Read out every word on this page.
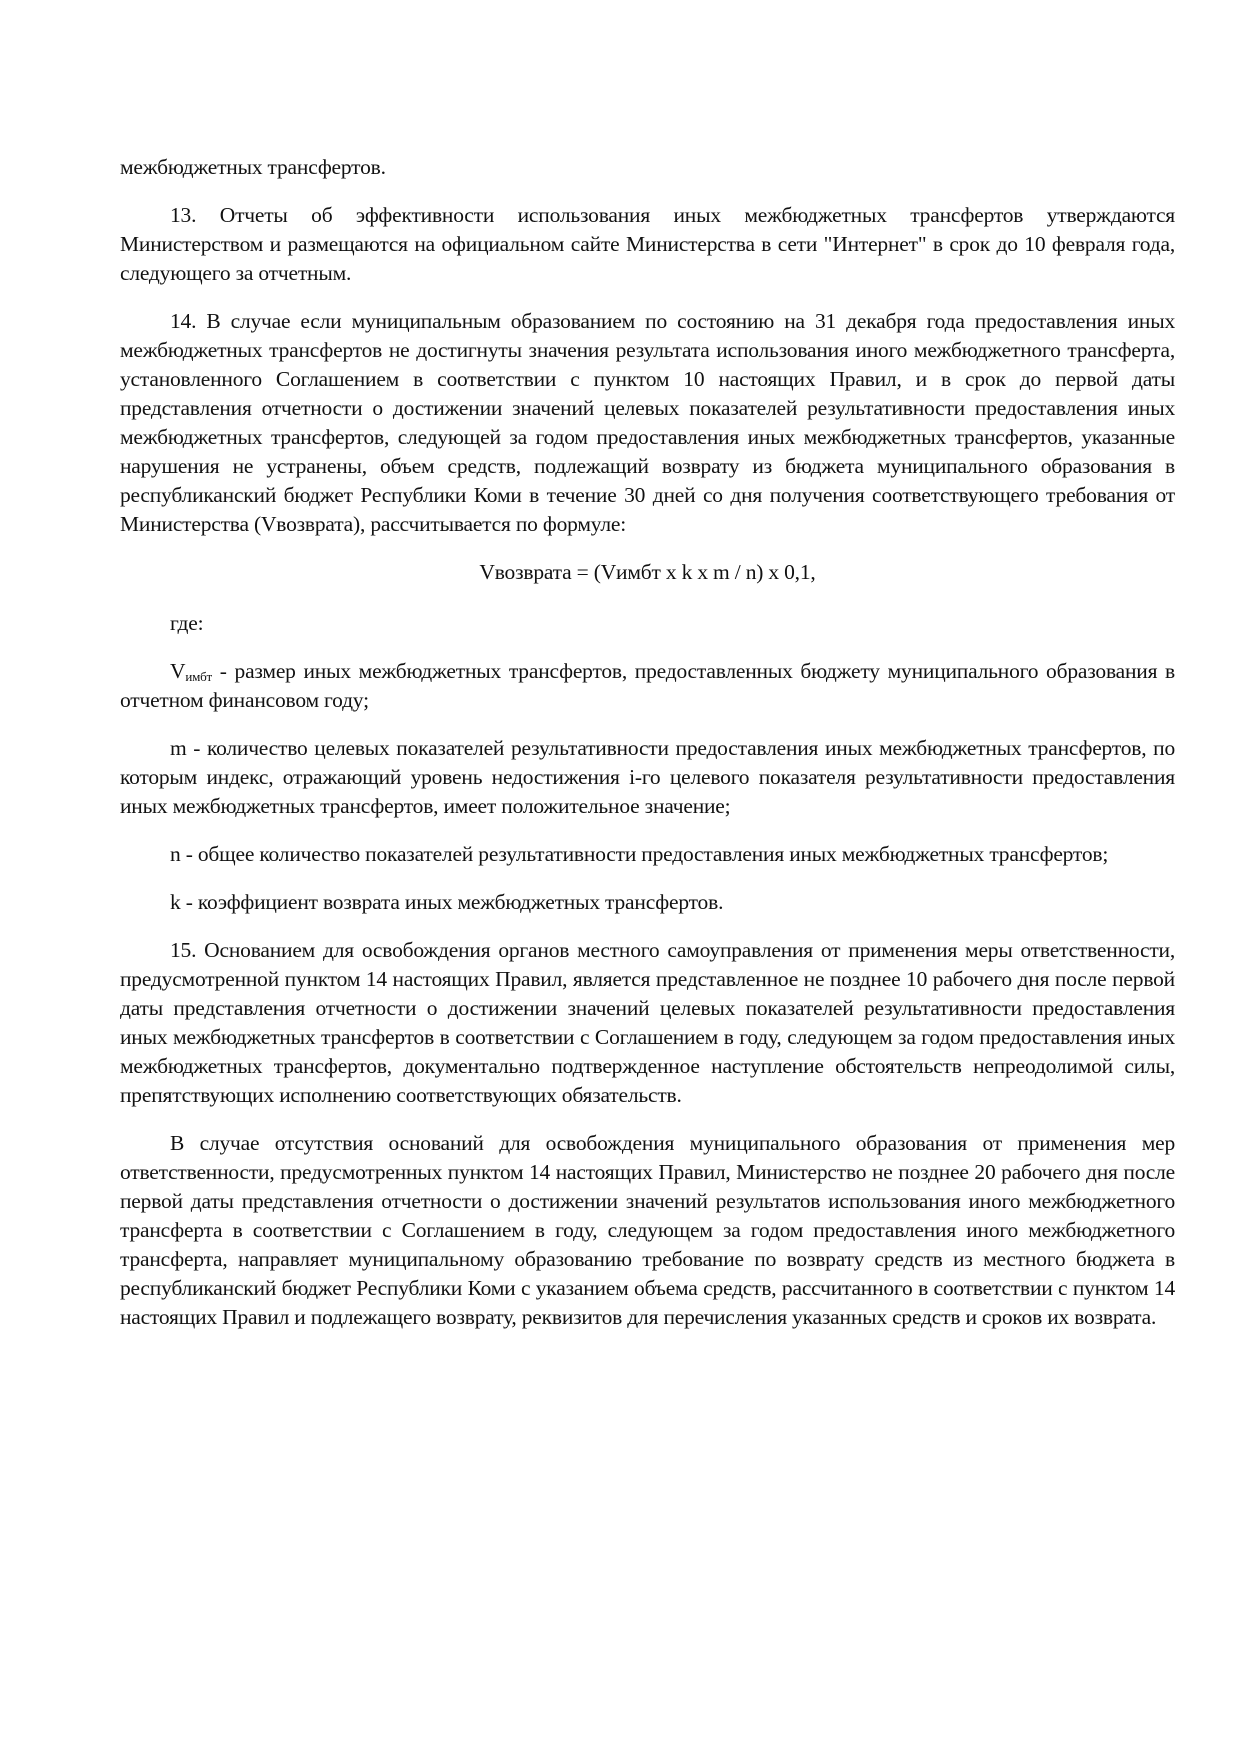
межбюджетных трансфертов.

13. Отчеты об эффективности использования иных межбюджетных трансфертов утверждаются Министерством и размещаются на официальном сайте Министерства в сети "Интернет" в срок до 10 февраля года, следующего за отчетным.

14. В случае если муниципальным образованием по состоянию на 31 декабря года предоставления иных межбюджетных трансфертов не достигнуты значения результата использования иного межбюджетного трансферта, установленного Соглашением в соответствии с пунктом 10 настоящих Правил, и в срок до первой даты представления отчетности о достижении значений целевых показателей результативности предоставления иных межбюджетных трансфертов, следующей за годом предоставления иных межбюджетных трансфертов, указанные нарушения не устранены, объем средств, подлежащий возврату из бюджета муниципального образования в республиканский бюджет Республики Коми в течение 30 дней со дня получения соответствующего требования от Министерства (Vвозврата), рассчитывается по формуле:

Vвозврата = (Vимбт x k x m / n) x 0,1,

где:

$V_{имбт}$ - размер иных межбюджетных трансфертов, предоставленных бюджету муниципального образования в отчетном финансовом году;

m - количество целевых показателей результативности предоставления иных межбюджетных трансфертов, по которым индекс, отражающий уровень недостижения i-го целевого показателя результативности предоставления иных межбюджетных трансфертов, имеет положительное значение;

n - общее количество показателей результативности предоставления иных межбюджетных трансфертов;

k - коэффициент возврата иных межбюджетных трансфертов.

15. Основанием для освобождения органов местного самоуправления от применения меры ответственности, предусмотренной пунктом 14 настоящих Правил, является представленное не позднее 10 рабочего дня после первой даты представления отчетности о достижении значений целевых показателей результативности предоставления иных межбюджетных трансфертов в соответствии с Соглашением в году, следующем за годом предоставления иных межбюджетных трансфертов, документально подтвержденное наступление обстоятельств непреодолимой силы, препятствующих исполнению соответствующих обязательств.

В случае отсутствия оснований для освобождения муниципального образования от применения мер ответственности, предусмотренных пунктом 14 настоящих Правил, Министерство не позднее 20 рабочего дня после первой даты представления отчетности о достижении значений результатов использования иного межбюджетного трансферта в соответствии с Соглашением в году, следующем за годом предоставления иного межбюджетного трансферта, направляет муниципальному образованию требование по возврату средств из местного бюджета в республиканский бюджет Республики Коми с указанием объема средств, рассчитанного в соответствии с пунктом 14 настоящих Правил и подлежащего возврату, реквизитов для перечисления указанных средств и сроков их возврата.
